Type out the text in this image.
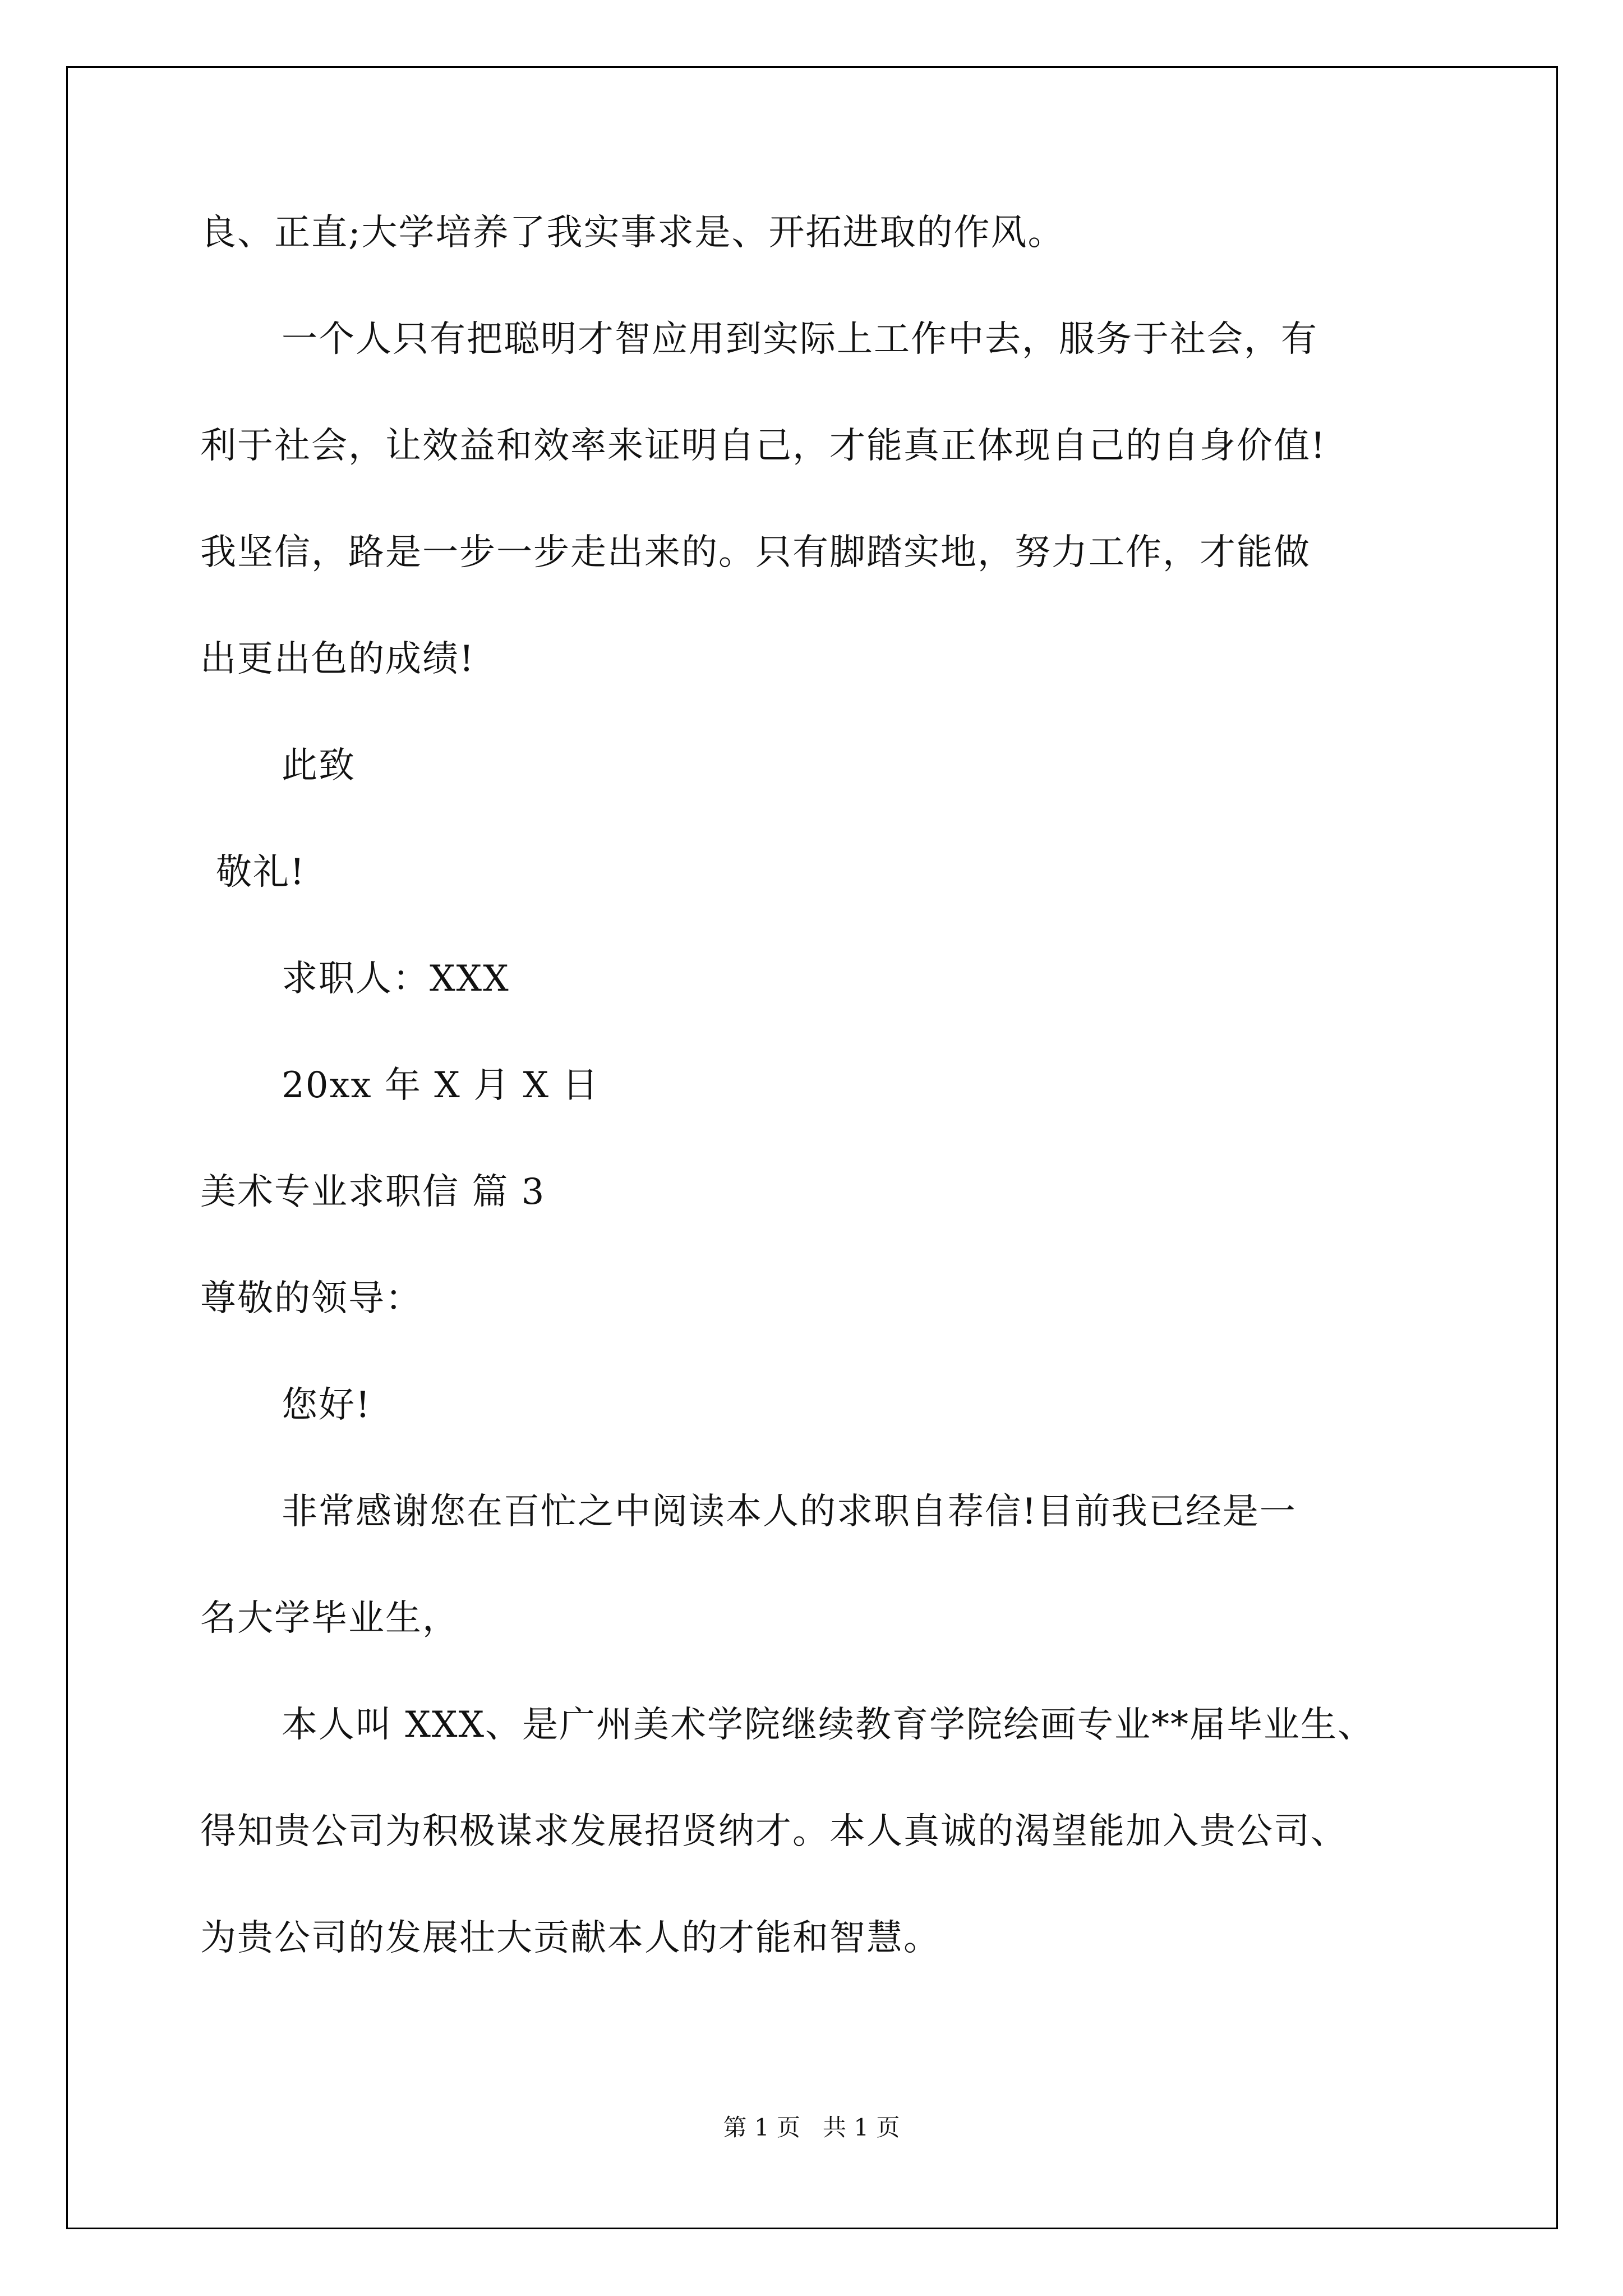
良、正直;大学培养了我实事求是、开拓进取的作风。
一个人只有把聪明才智应用到实际上工作中去，服务于社会，有
利于社会，让效益和效率来证明自己，才能真正体现自己的自身价值!
我坚信，路是一步一步走出来的。只有脚踏实地，努力工作，才能做
出更出色的成绩!
此致
敬礼!
求职人：XXX
20xx 年 X 月 X 日
美术专业求职信 篇 3
尊敬的领导：
您好!
非常感谢您在百忙之中阅读本人的求职自荐信!目前我已经是一
名大学毕业生，
本人叫 XXX、是广州美术学院继续教育学院绘画专业**届毕业生、
得知贵公司为积极谋求发展招贤纳才。本人真诚的渴望能加入贵公司、
为贵公司的发展壮大贡献本人的才能和智慧。
第 1 页   共 1 页
